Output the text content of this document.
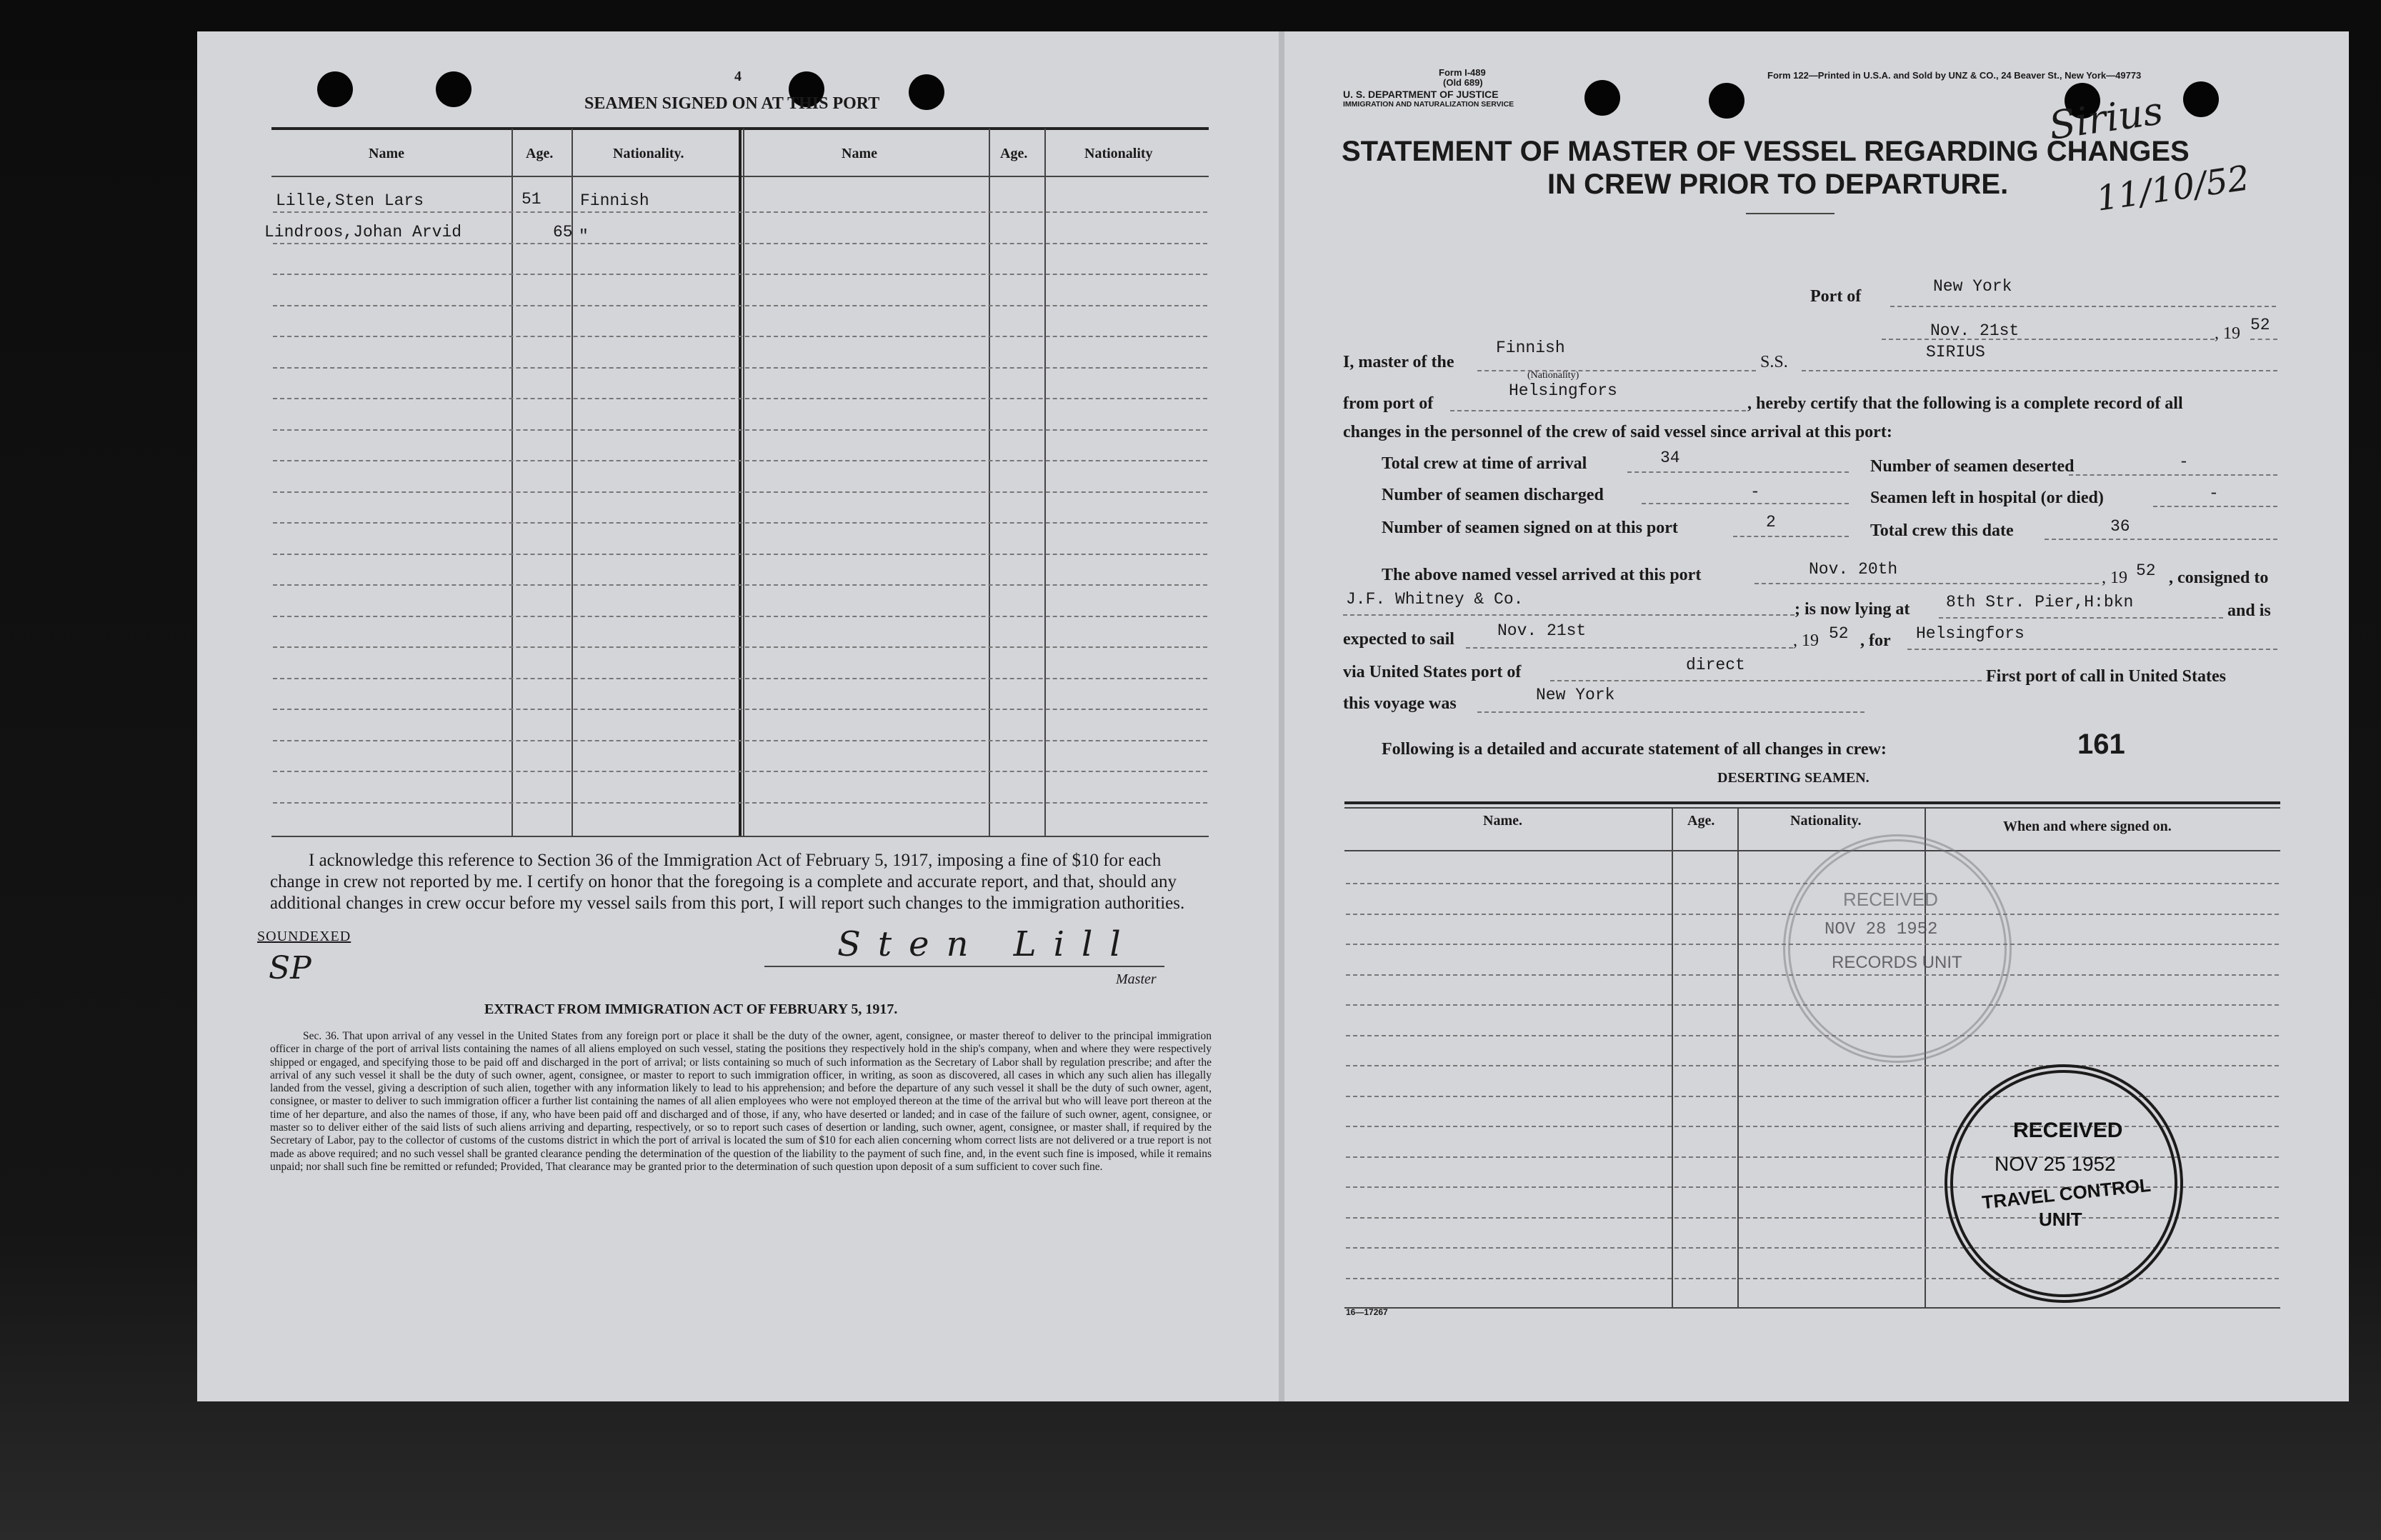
4
SEAMEN SIGNED ON AT THIS PORT
Name	Age.	Nationality.	Name	Age.	Nationality
Lille,Sten Lars	51 Finnish
Lindroos,Johan Arvid	65 "
I acknowledge this reference to Section 36 of the Immigration Act of February 5, 1917, imposing a fine of $10 for each change in crew not reported by me. I certify on honor that the foregoing is a complete and accurate report, and that, should any additional changes in crew occur before my vessel sails from this port, I will report such changes to the immigration authorities.
SOUNDEXED
SP
Sten Lill
Master
EXTRACT FROM IMMIGRATION ACT OF FEBRUARY 5, 1917.
Sec. 36. That upon arrival of any vessel in the United States from any foreign port or place it shall be the duty of the owner, agent, consignee, or master thereof to deliver to the principal immigration officer in charge of the port of arrival lists containing the names of all aliens employed on such vessel, stating the positions they respectively hold in the ship's company, when and where they were respectively shipped or engaged, and specifying those to be paid off and discharged in the port of arrival; or lists containing so much of such information as the Secretary of Labor shall by regulation prescribe; and after the arrival of any such vessel it shall be the duty of such owner, agent, consignee, or master to report to such immigration officer, in writing, as soon as discovered, all cases in which any such alien has illegally landed from the vessel, giving a description of such alien, together with any information likely to lead to his apprehension; and before the departure of any such vessel it shall be the duty of such owner, agent, consignee, or master to deliver to such immigration officer a further list containing the names of all alien employees who were not employed thereon at the time of the arrival but who will leave port thereon at the time of her departure, and also the names of those, if any, who have been paid off and discharged and of those, if any, who have deserted or landed; and in case of the failure of such owner, agent, consignee, or master so to deliver either of the said lists of such aliens arriving and departing, respectively, or so to report such cases of desertion or landing, such owner, agent, consignee, or master shall, if required by the Secretary of Labor, pay to the collector of customs of the customs district in which the port of arrival is located the sum of $10 for each alien concerning whom correct lists are not delivered or a true report is not made as above required; and no such vessel shall be granted clearance pending the determination of the question of the liability to the payment of such fine, and, in the event such fine is imposed, while it remains unpaid; nor shall such fine be remitted or refunded; Provided, That clearance may be granted prior to the determination of such question upon deposit of a sum sufficient to cover such fine.
Form I-489
(Old 689)
U. S. DEPARTMENT OF JUSTICE
IMMIGRATION AND NATURALIZATION SERVICE
Form 122—Printed in U.S.A. and Sold by UNZ & CO., 24 Beaver St., New York—49773
Sirius
11/10/52
STATEMENT OF MASTER OF VESSEL REGARDING CHANGES
IN CREW PRIOR TO DEPARTURE.
Port of
New York
Nov. 21st	, 19 52
I, master of the
Finnish
(Nationality)
S.S.
SIRIUS
from port of
Helsingfors
, hereby certify that the following is a complete record of all
changes in the personnel of the crew of said vessel since arrival at this port:
Total crew at time of arrival	34	Number of seamen deserted	-
Number of seamen discharged	-	Seamen left in hospital (or died)	-
Number of seamen signed on at this port	2	Total crew this date	36
The above named vessel arrived at this port	Nov. 20th	, 19 52 , consigned to
J.F. Whitney & Co.
; is now lying at 8th Str. Pier,H:bkn	and is
expected to sail	Nov. 21st
, 19 52 , for Helsingfors
via United States port of	direct
First port of call in United States
this voyage was	New York
Following is a detailed and accurate statement of all changes in crew:	161
DESERTING SEAMEN.
Name.	Age.	Nationality.	When and where signed on.
16—17267
RECEIVED
NOV 28 1952
RECORDS UNIT
RECEIVED
NOV 25 1952
TRAVEL CONTROL
UNIT
